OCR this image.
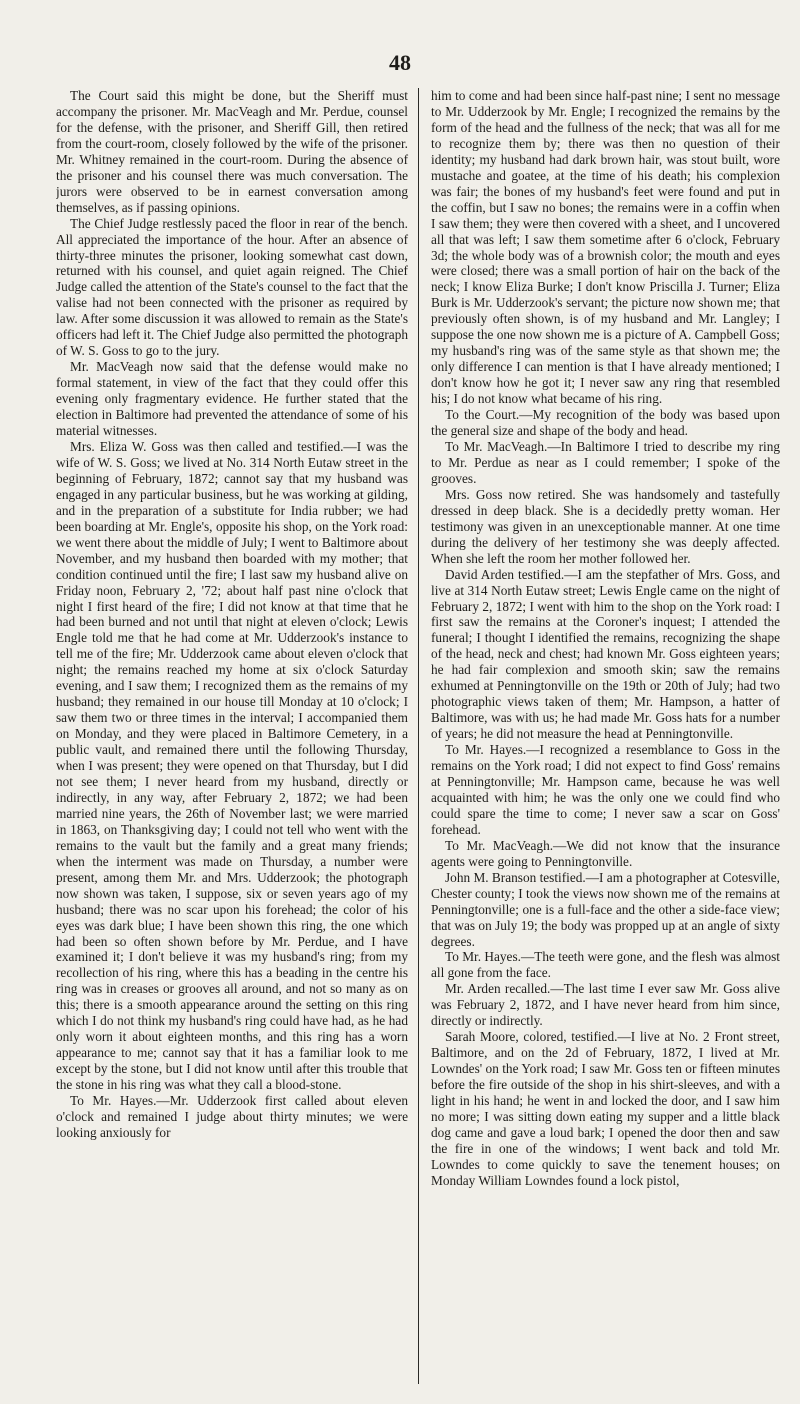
48

The Court said this might be done, but the Sheriff must accompany the prisoner. Mr. MacVeagh and Mr. Perdue, counsel for the defense, with the prisoner, and Sheriff Gill, then retired from the court-room, closely followed by the wife of the prisoner. Mr. Whitney remained in the court-room. During the absence of the prisoner and his counsel there was much conversation. The jurors were observed to be in earnest conversation among themselves, as if passing opinions.

The Chief Judge restlessly paced the floor in rear of the bench. All appreciated the importance of the hour. After an absence of thirty-three minutes the prisoner, looking somewhat cast down, returned with his counsel, and quiet again reigned. The Chief Judge called the attention of the State's counsel to the fact that the valise had not been connected with the prisoner as required by law. After some discussion it was allowed to remain as the State's officers had left it. The Chief Judge also permitted the photograph of W. S. Goss to go to the jury.

Mr. MacVeagh now said that the defense would make no formal statement, in view of the fact that they could offer this evening only fragmentary evidence. He further stated that the election in Baltimore had prevented the attendance of some of his material witnesses.

Mrs. Eliza W. Goss was then called and testified.—I was the wife of W. S. Goss; we lived at No. 314 North Eutaw street in the beginning of February, 1872; cannot say that my husband was engaged in any particular business, but he was working at gilding, and in the preparation of a substitute for India rubber; we had been boarding at Mr. Engle's, opposite his shop, on the York road: we went there about the middle of July; I went to Baltimore about November, and my husband then boarded with my mother; that condition continued until the fire; I last saw my husband alive on Friday noon, February 2, '72; about half past nine o'clock that night I first heard of the fire; I did not know at that time that he had been burned and not until that night at eleven o'clock; Lewis Engle told me that he had come at Mr. Udderzook's instance to tell me of the fire; Mr. Udderzook came about eleven o'clock that night; the remains reached my home at six o'clock Saturday evening, and I saw them; I recognized them as the remains of my husband; they remained in our house till Monday at 10 o'clock; I saw them two or three times in the interval; I accompanied them on Monday, and they were placed in Baltimore Cemetery, in a public vault, and remained there until the following Thursday, when I was present; they were opened on that Thursday, but I did not see them; I never heard from my husband, directly or indirectly, in any way, after February 2, 1872; we had been married nine years, the 26th of November last; we were married in 1863, on Thanksgiving day; I could not tell who went with the remains to the vault but the family and a great many friends; when the interment was made on Thursday, a number were present, among them Mr. and Mrs. Udderzook; the photograph now shown was taken, I suppose, six or seven years ago of my husband; there was no scar upon his forehead; the color of his eyes was dark blue; I have been shown this ring, the one which had been so often shown before by Mr. Perdue, and I have examined it; I don't believe it was my husband's ring; from my recollection of his ring, where this has a beading in the centre his ring was in creases or grooves all around, and not so many as on this; there is a smooth appearance around the setting on this ring which I do not think my husband's ring could have had, as he had only worn it about eighteen months, and this ring has a worn appearance to me; cannot say that it has a familiar look to me except by the stone, but I did not know until after this trouble that the stone in his ring was what they call a blood-stone.

To Mr. Hayes.—Mr. Udderzook first called about eleven o'clock and remained I judge about thirty minutes; we were looking anxiously for

him to come and had been since half-past nine; I sent no message to Mr. Udderzook by Mr. Engle; I recognized the remains by the form of the head and the fullness of the neck; that was all for me to recognize them by; there was then no question of their identity; my husband had dark brown hair, was stout built, wore mustache and goatee, at the time of his death; his complexion was fair; the bones of my husband's feet were found and put in the coffin, but I saw no bones; the remains were in a coffin when I saw them; they were then covered with a sheet, and I uncovered all that was left; I saw them sometime after 6 o'clock, February 3d; the whole body was of a brownish color; the mouth and eyes were closed; there was a small portion of hair on the back of the neck; I know Eliza Burke; I don't know Priscilla J. Turner; Eliza Burk is Mr. Udderzook's servant; the picture now shown me; that previously often shown, is of my husband and Mr. Langley; I suppose the one now shown me is a picture of A. Campbell Goss; my husband's ring was of the same style as that shown me; the only difference I can mention is that I have already mentioned; I don't know how he got it; I never saw any ring that resembled his; I do not know what became of his ring.

To the Court.—My recognition of the body was based upon the general size and shape of the body and head.

To Mr. MacVeagh.—In Baltimore I tried to describe my ring to Mr. Perdue as near as I could remember; I spoke of the grooves.

Mrs. Goss now retired. She was handsomely and tastefully dressed in deep black. She is a decidedly pretty woman. Her testimony was given in an unexceptionable manner. At one time during the delivery of her testimony she was deeply affected. When she left the room her mother followed her.

David Arden testified.—I am the stepfather of Mrs. Goss, and live at 314 North Eutaw street; Lewis Engle came on the night of February 2, 1872; I went with him to the shop on the York road: I first saw the remains at the Coroner's inquest; I attended the funeral; I thought I identified the remains, recognizing the shape of the head, neck and chest; had known Mr. Goss eighteen years; he had fair complexion and smooth skin; saw the remains exhumed at Penningtonville on the 19th or 20th of July; had two photographic views taken of them; Mr. Hampson, a hatter of Baltimore, was with us; he had made Mr. Goss hats for a number of years; he did not measure the head at Penningtonville.

To Mr. Hayes.—I recognized a resemblance to Goss in the remains on the York road; I did not expect to find Goss' remains at Penningtonville; Mr. Hampson came, because he was well acquainted with him; he was the only one we could find who could spare the time to come; I never saw a scar on Goss' forehead.

To Mr. MacVeagh.—We did not know that the insurance agents were going to Penningtonville.

John M. Branson testified.—I am a photographer at Cotesville, Chester county; I took the views now shown me of the remains at Penningtonville; one is a full-face and the other a side-face view; that was on July 19; the body was propped up at an angle of sixty degrees.

To Mr. Hayes.—The teeth were gone, and the flesh was almost all gone from the face.

Mr. Arden recalled.—The last time I ever saw Mr. Goss alive was February 2, 1872, and I have never heard from him since, directly or indirectly.

Sarah Moore, colored, testified.—I live at No. 2 Front street, Baltimore, and on the 2d of February, 1872, I lived at Mr. Lowndes' on the York road; I saw Mr. Goss ten or fifteen minutes before the fire outside of the shop in his shirt-sleeves, and with a light in his hand; he went in and locked the door, and I saw him no more; I was sitting down eating my supper and a little black dog came and gave a loud bark; I opened the door then and saw the fire in one of the windows; I went back and told Mr. Lowndes to come quickly to save the tenement houses; on Monday William Lowndes found a lock pistol,
